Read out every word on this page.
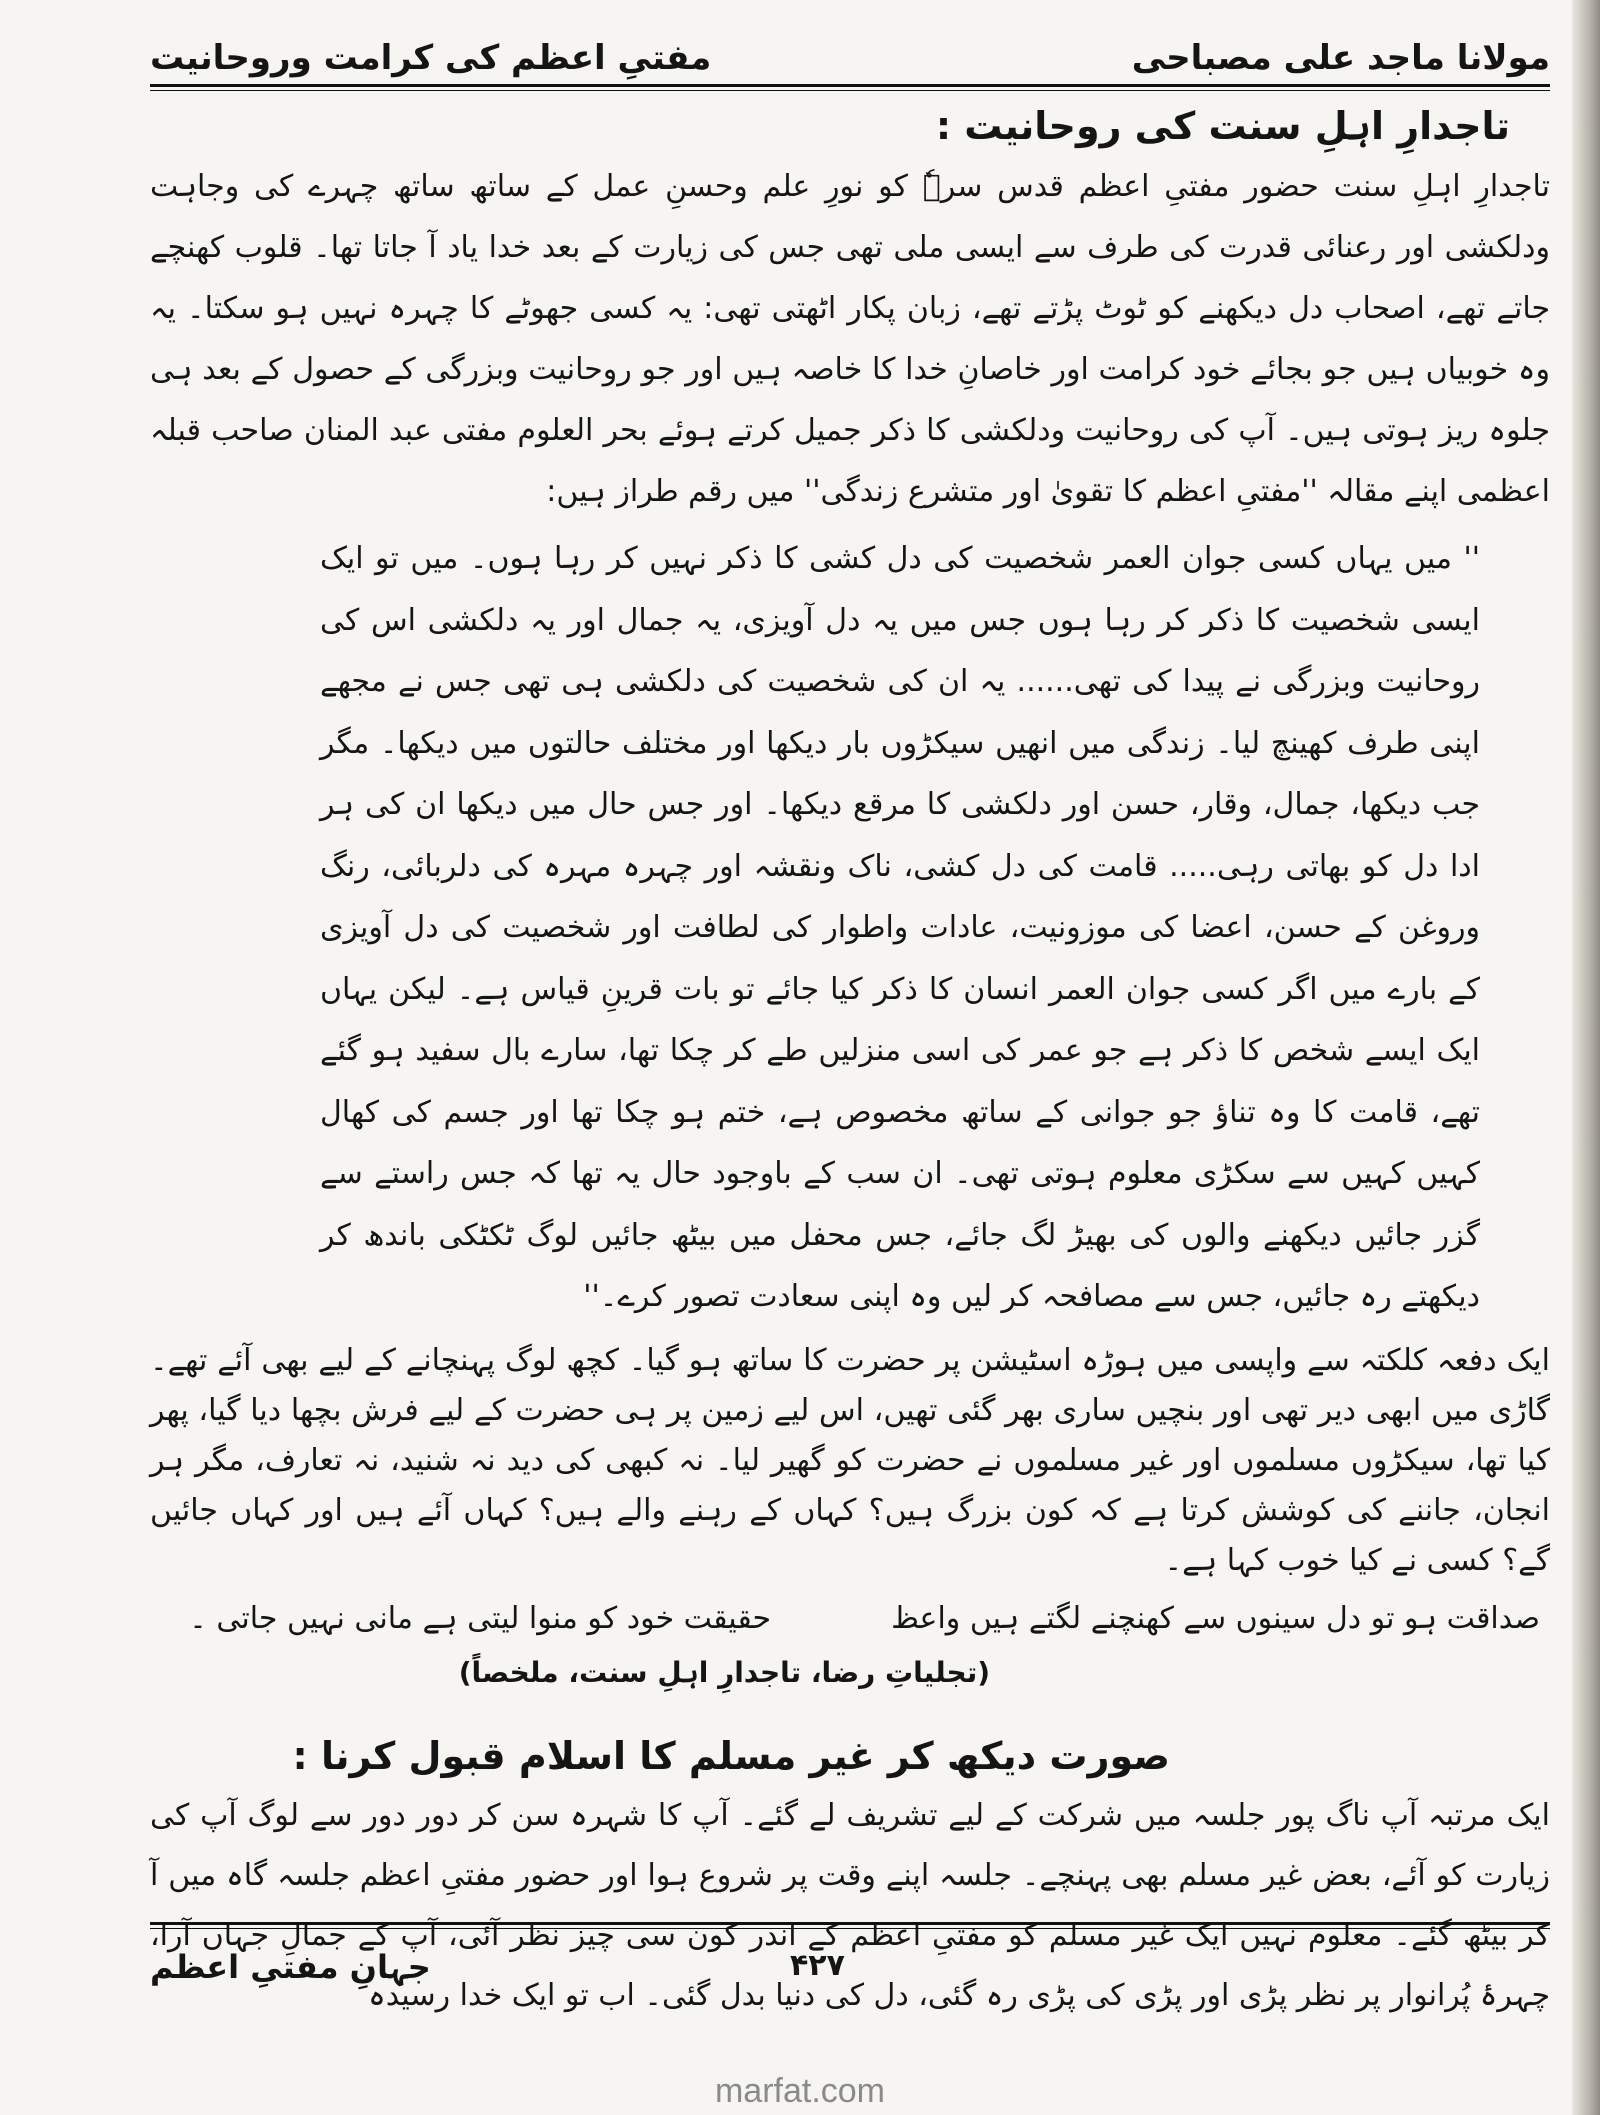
مفتیِ اعظم کی کرامت وروحانیت	مولانا ماجد علی مصباحی
تاجدارِ اہلِ سنت کی روحانیت :

تاجدارِ اہلِ سنت حضور مفتیِ اعظم قدس سرہٗ کو نورِ علم وحسنِ عمل کے ساتھ ساتھ چہرے کی وجاہت ودلکشی اور رعنائی قدرت کی طرف سے ایسی ملی تھی جس کی زیارت کے بعد خدا یاد آ جاتا تھا۔ قلوب کھنچے جاتے تھے، اصحاب دل دیکھنے کو ٹوٹ پڑتے تھے، زبان پکار اٹھتی تھی: یہ کسی جھوٹے کا چہرہ نہیں ہو سکتا۔ یہ وہ خوبیاں ہیں جو بجائے خود کرامت اور خاصانِ خدا کا خاصہ ہیں اور جو روحانیت وبزرگی کے حصول کے بعد ہی جلوہ ریز ہوتی ہیں۔ آپ کی روحانیت ودلکشی کا ذکر جمیل کرتے ہوئے بحر العلوم مفتی عبد المنان صاحب قبلہ اعظمی اپنے مقالہ ''مفتیِ اعظم کا تقویٰ اور متشرع زندگی'' میں رقم طراز ہیں:

'' میں یہاں کسی جوان العمر شخصیت کی دل کشی کا ذکر نہیں کر رہا ہوں۔ میں تو ایک ایسی شخصیت کا ذکر کر رہا ہوں جس میں یہ دل آویزی، یہ جمال اور یہ دلکشی اس کی روحانیت وبزرگی نے پیدا کی تھی...... یہ ان کی شخصیت کی دلکشی ہی تھی جس نے مجھے اپنی طرف کھینچ لیا۔ زندگی میں انھیں سیکڑوں بار دیکھا اور مختلف حالتوں میں دیکھا۔ مگر جب دیکھا، جمال، وقار، حسن اور دلکشی کا مرقع دیکھا۔ اور جس حال میں دیکھا ان کی ہر ادا دل کو بھاتی رہی..... قامت کی دل کشی، ناک ونقشہ اور چہرہ مہرہ کی دلربائی، رنگ وروغن کے حسن، اعضا کی موزونیت، عادات واطوار کی لطافت اور شخصیت کی دل آویزی کے بارے میں اگر کسی جوان العمر انسان کا ذکر کیا جائے تو بات قرینِ قیاس ہے۔ لیکن یہاں ایک ایسے شخص کا ذکر ہے جو عمر کی اسی منزلیں طے کر چکا تھا، سارے بال سفید ہو گئے تھے، قامت کا وہ تناؤ جو جوانی کے ساتھ مخصوص ہے، ختم ہو چکا تھا اور جسم کی کھال کہیں کہیں سے سکڑی معلوم ہوتی تھی۔ ان سب کے باوجود حال یہ تھا کہ جس راستے سے گزر جائیں دیکھنے والوں کی بھیڑ لگ جائے، جس محفل میں بیٹھ جائیں لوگ ٹکٹکی باندھ کر دیکھتے رہ جائیں، جس سے مصافحہ کر لیں وہ اپنی سعادت تصور کرے۔''

ایک دفعہ کلکتہ سے واپسی میں ہوڑہ اسٹیشن پر حضرت کا ساتھ ہو گیا۔ کچھ لوگ پہنچانے کے لیے بھی آئے تھے۔ گاڑی میں ابھی دیر تھی اور بنچیں ساری بھر گئی تھیں، اس لیے زمین پر ہی حضرت کے لیے فرش بچھا دیا گیا، پھر کیا تھا، سیکڑوں مسلموں اور غیر مسلموں نے حضرت کو گھیر لیا۔ نہ کبھی کی دید نہ شنید، نہ تعارف، مگر ہر انجان، جاننے کی کوشش کرتا ہے کہ کون بزرگ ہیں؟ کہاں کے رہنے والے ہیں؟ کہاں آئے ہیں اور کہاں جائیں گے؟ کسی نے کیا خوب کہا ہے۔

صداقت ہو تو دل سینوں سے کھنچنے لگتے ہیں واعظ
حقیقت خود کو منوا لیتی ہے مانی نہیں جاتی ۔
(تجلیاتِ رضا، تاجدارِ اہلِ سنت، ملخصاً)
صورت دیکھ کر غیر مسلم کا اسلام قبول کرنا :

ایک مرتبہ آپ ناگ پور جلسہ میں شرکت کے لیے تشریف لے گئے۔ آپ کا شہرہ سن کر دور دور سے لوگ آپ کی زیارت کو آئے، بعض غیر مسلم بھی پہنچے۔ جلسہ اپنے وقت پر شروع ہوا اور حضور مفتیِ اعظم جلسہ گاہ میں آ کر بیٹھ گئے۔ معلوم نہیں ایک غیر مسلم کو مفتیِ اعظم کے اندر کون سی چیز نظر آئی، آپ کے جمالِ جہاں آرا، چہرۂ پُرانوار پر نظر پڑی اور پڑی کی پڑی رہ گئی، دل کی دنیا بدل گئی۔ اب تو ایک خدا رسیدہ

جہانِ مفتیِ اعظم	۴۲۷
marfat.com
